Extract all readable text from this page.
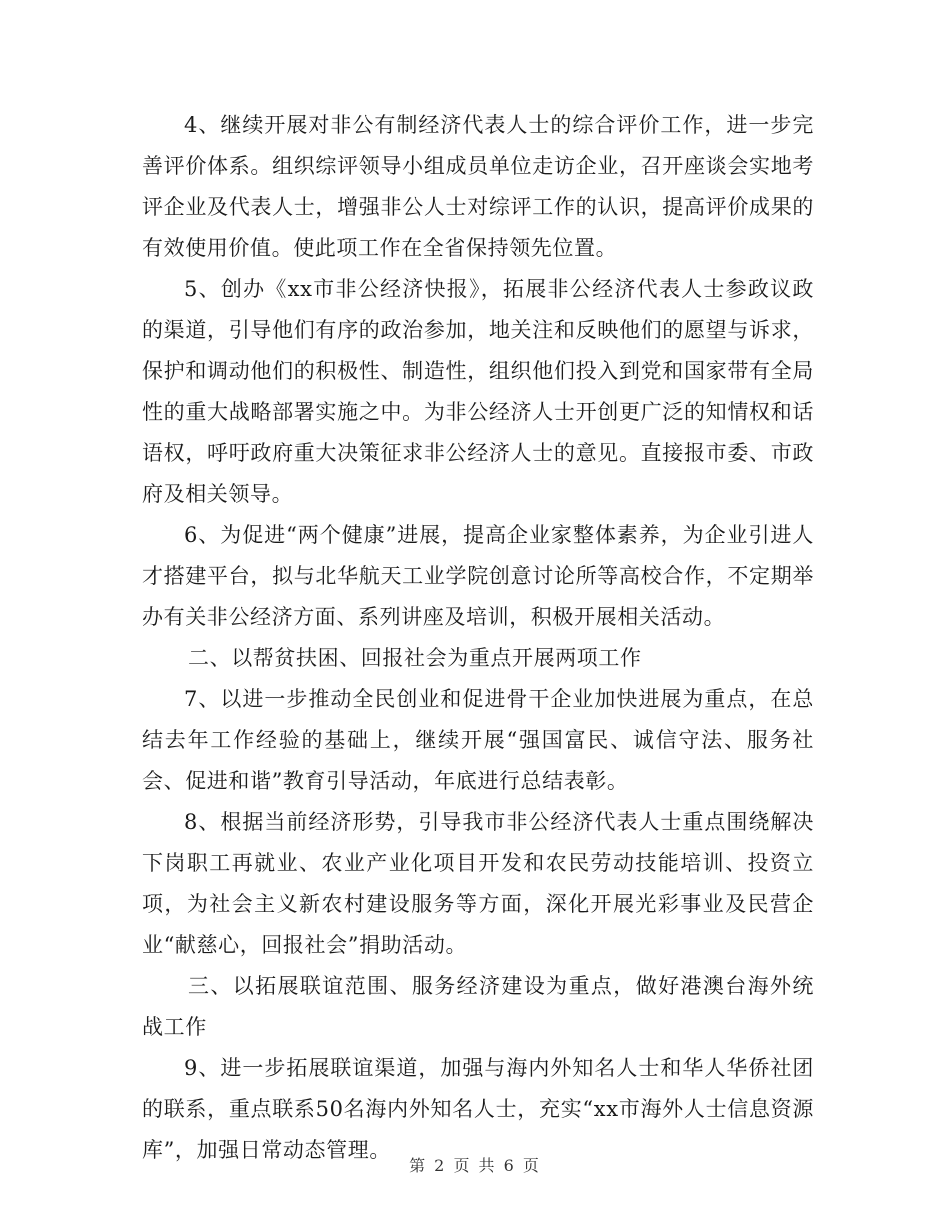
4、继续开展对非公有制经济代表人士的综合评价工作，进一步完善评价体系。组织综评领导小组成员单位走访企业，召开座谈会实地考评企业及代表人士，增强非公人士对综评工作的认识，提高评价成果的有效使用价值。使此项工作在全省保持领先位置。

5、创办《xx市非公经济快报》，拓展非公经济代表人士参政议政的渠道，引导他们有序的政治参加，地关注和反映他们的愿望与诉求，保护和调动他们的积极性、制造性，组织他们投入到党和国家带有全局性的重大战略部署实施之中。为非公经济人士开创更广泛的知情权和话语权，呼吁政府重大决策征求非公经济人士的意见。直接报市委、市政府及相关领导。

6、为促进“两个健康”进展，提高企业家整体素养，为企业引进人才搭建平台，拟与北华航天工业学院创意讨论所等高校合作，不定期举办有关非公经济方面、系列讲座及培训，积极开展相关活动。

二、以帮贫扶困、回报社会为重点开展两项工作

7、以进一步推动全民创业和促进骨干企业加快进展为重点，在总结去年工作经验的基础上，继续开展“强国富民、诚信守法、服务社会、促进和谐”教育引导活动，年底进行总结表彰。

8、根据当前经济形势，引导我市非公经济代表人士重点围绕解决下岗职工再就业、农业产业化项目开发和农民劳动技能培训、投资立项，为社会主义新农村建设服务等方面，深化开展光彩事业及民营企业“献慈心，回报社会”捐助活动。

三、以拓展联谊范围、服务经济建设为重点，做好港澳台海外统战工作

9、进一步拓展联谊渠道，加强与海内外知名人士和华人华侨社团的联系，重点联系50名海内外知名人士，充实“xx市海外人士信息资源库”，加强日常动态管理。

第 2 页 共 6 页
